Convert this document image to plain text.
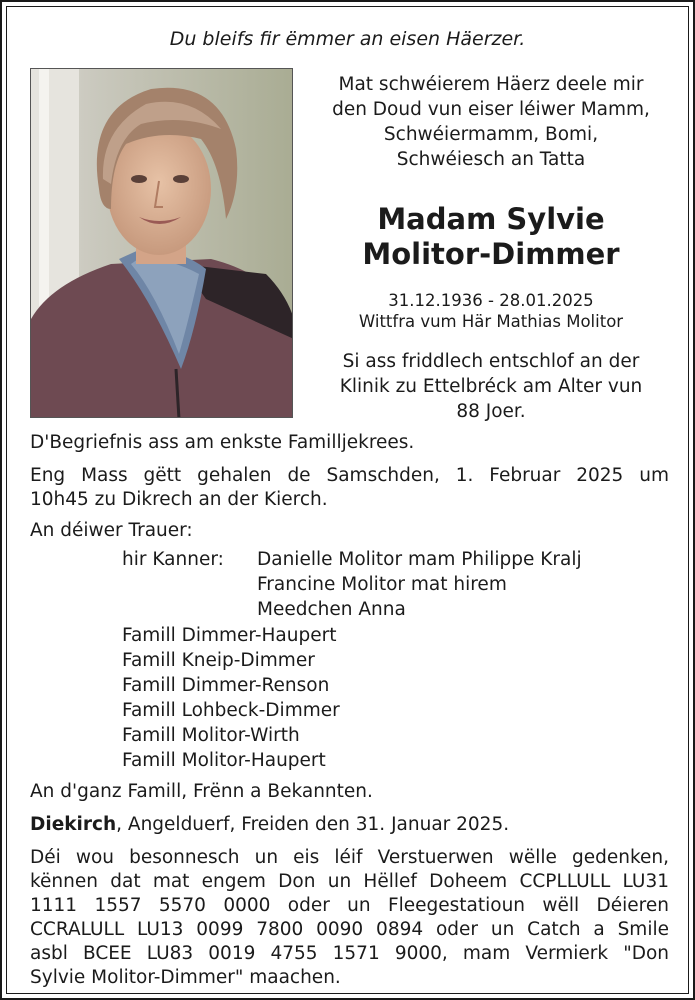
Du bleifs fir ëmmer an eisen Häerzer.
Mat schwéierem Häerz deele mir
den Doud vun eiser léiwer Mamm,
Schwéiermamm, Bomi,
Schwéiesch an Tatta
Madam Sylvie
Molitor-Dimmer
31.12.1936 - 28.01.2025
Wittfra vum Här Mathias Molitor
Si ass friddlech entschlof an der
Klinik zu Ettelbréck am Alter vun
88 Joer.
D'Begriefnis ass am enkste Familljekrees.
Eng Mass gëtt gehalen de Samschden, 1. Februar 2025 um
10h45 zu Dikrech an der Kierch.
An déiwer Trauer:
hir Kanner: Danielle Molitor mam Philippe Kralj
Francine Molitor mat hirem
Meedchen Anna
Famill Dimmer-Haupert
Famill Kneip-Dimmer
Famill Dimmer-Renson
Famill Lohbeck-Dimmer
Famill Molitor-Wirth
Famill Molitor-Haupert
An d'ganz Famill, Frënn a Bekannten.
Diekirch, Angelduerf, Freiden den 31. Januar 2025.
Déi wou besonnesch un eis léif Verstuerwen wëlle gedenken,
kënnen dat mat engem Don un Hëllef Doheem CCPLLULL LU31
1111 1557 5570 0000 oder un Fleegestatioun wëll Déieren
CCRALULL LU13 0099 7800 0090 0894 oder un Catch a Smile
asbl BCEE LU83 0019 4755 1571 9000, mam Vermierk "Don
Sylvie Molitor-Dimmer" maachen.
